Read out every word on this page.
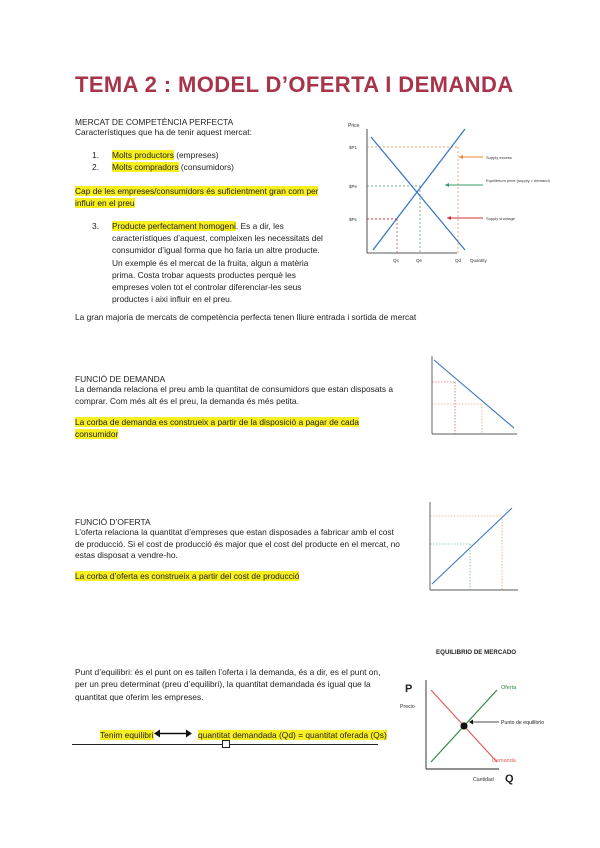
TEMA 2 : MODEL D’OFERTA I DEMANDA
MERCAT DE COMPETÈNCIA PERFECTA
Característiques que ha de tenir aquest mercat:
1. Molts productors (empreses)
2. Molts compradors (consumidors)
Cap de les empreses/consumidors és suficientment gran com per influir en el preu
3. Producte perfectament homogeni. Es a dir, les característiques d’aquest, compleixen les necessitats del consumidor d’igual forma que ho faria un altre producte. Un exemple és el mercat de la fruita, algun a matèria prima. Costa trobar aquests productes perquè les empreses volen tot el controlar diferenciar-les seus productes i aixi influir en el preu.
La gran majoria de mercats de competència perfecta tenen lliure entrada i sortida de mercat
Price
$P1
$Pe
$Ps
Qs	Qe	Qd Quantity
Supply excess
Equilibrium price (supply = demand)
Supply shortage
FUNCIÓ DE DEMANDA
La demanda relaciona el preu amb la quantitat de consumidors que estan disposats a comprar. Com més alt és el preu, la demanda és més petita.
La corba de demanda es construeix a partir de la disposició a pagar de cada consumidor
FUNCIÓ D’OFERTA
L’oferta relaciona la quantitat d’empreses que estan disposades a fabricar amb el cost de producció. Si el cost de producció és major que el cost del producte en el mercat, no estas disposat a vendre-ho.
La corba d’oferta es construeix a partir del cost de producció
Punt d’equilibri: és el punt on es tallen l’oferta i la demanda, és a dir, es el punt on, per un preu determinat (preu d’equilibri), la quantitat demandada és igual que la quantitat que oferim les empreses.
Tenim equilibri	quantitat demandada (Qd) = quantitat oferada (Qs)
EQUILIBRIO DE MERCADO
P
Precio
Punto de equilibrio
Oferta
Demanda
Cantidad Q
